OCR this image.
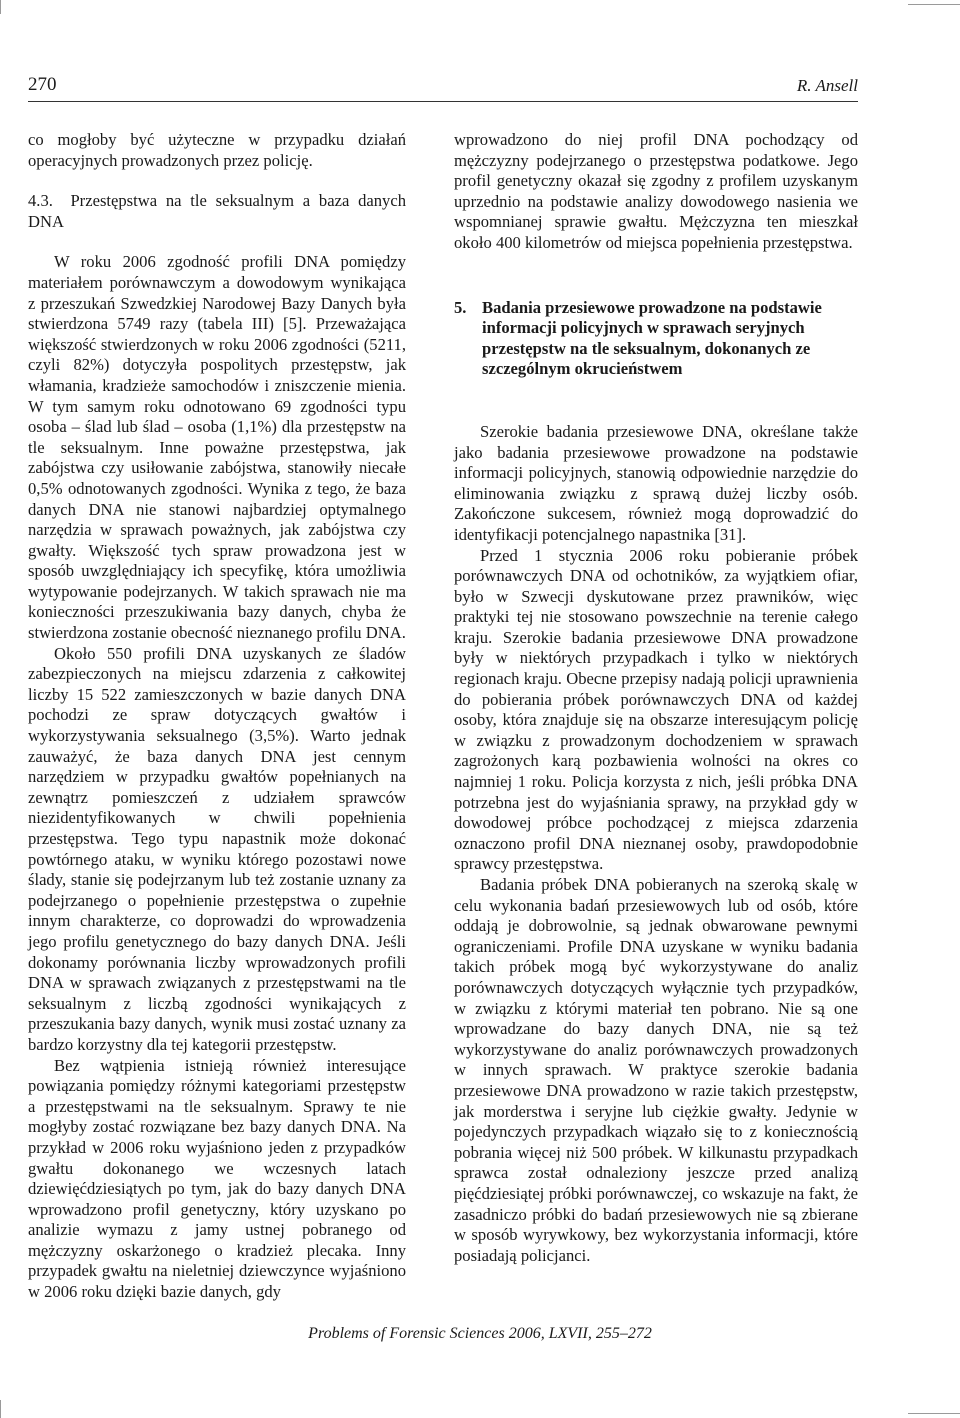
270	R. Ansell

co mogłoby być użyteczne w przypadku działań operacyjnych prowadzonych przez policję.

4.3. Przestępstwa na tle seksualnym a baza danych DNA

W roku 2006 zgodność profili DNA pomiędzy materiałem porównawczym a dowodowym wynikająca z przeszukań Szwedzkiej Narodowej Bazy Danych była stwierdzona 5749 razy (tabela III) [5]. Przeważająca większość stwierdzonych w roku 2006 zgodności (5211, czyli 82%) dotyczyła pospolitych przestępstw, jak włamania, kradzieże samochodów i zniszczenie mienia. W tym samym roku odnotowano 69 zgodności typu osoba – ślad lub ślad – osoba (1,1%) dla przestępstw na tle seksualnym. Inne poważne przestępstwa, jak zabójstwa czy usiłowanie zabójstwa, stanowiły niecałe 0,5% odnotowanych zgodności. Wynika z tego, że baza danych DNA nie stanowi najbardziej optymalnego narzędzia w sprawach poważnych, jak zabójstwa czy gwałty. Większość tych spraw prowadzona jest w sposób uwzględniający ich specyfikę, która umożliwia wytypowanie podejrzanych. W takich sprawach nie ma konieczności przeszukiwania bazy danych, chyba że stwierdzona zostanie obecność nieznanego profilu DNA.

Około 550 profili DNA uzyskanych ze śladów zabezpieczonych na miejscu zdarzenia z całkowitej liczby 15 522 zamieszczonych w bazie danych DNA pochodzi ze spraw dotyczących gwałtów i wykorzystywania seksualnego (3,5%). Warto jednak zauważyć, że baza danych DNA jest cennym narzędziem w przypadku gwałtów popełnianych na zewnątrz pomieszczeń z udziałem sprawców niezidentyfikowanych w chwili popełnienia przestępstwa. Tego typu napastnik może dokonać powtórnego ataku, w wyniku którego pozostawi nowe ślady, stanie się podejrzanym lub też zostanie uznany za podejrzanego o popełnienie przestępstwa o zupełnie innym charakterze, co doprowadzi do wprowadzenia jego profilu genetycznego do bazy danych DNA. Jeśli dokonamy porównania liczby wprowadzonych profili DNA w sprawach związanych z przestępstwami na tle seksualnym z liczbą zgodności wynikających z przeszukania bazy danych, wynik musi zostać uznany za bardzo korzystny dla tej kategorii przestępstw.

Bez wątpienia istnieją również interesujące powiązania pomiędzy różnymi kategoriami przestępstw a przestępstwami na tle seksualnym. Sprawy te nie mogłyby zostać rozwiązane bez bazy danych DNA. Na przykład w 2006 roku wyjaśniono jeden z przypadków gwałtu dokonanego we wczesnych latach dziewięćdziesiątych po tym, jak do bazy danych DNA wprowadzono profil genetyczny, który uzyskano po analizie wymazu z jamy ustnej pobranego od mężczyzny oskarżonego o kradzież plecaka. Inny przypadek gwałtu na nieletniej dziewczynce wyjaśniono w 2006 roku dzięki bazie danych, gdy

wprowadzono do niej profil DNA pochodzący od mężczyzny podejrzanego o przestępstwa podatkowe. Jego profil genetyczny okazał się zgodny z profilem uzyskanym uprzednio na podstawie analizy dowodowego nasienia we wspomnianej sprawie gwałtu. Mężczyzna ten mieszkał około 400 kilometrów od miejsca popełnienia przestępstwa.

5. Badania przesiewowe prowadzone na podstawie informacji policyjnych w sprawach seryjnych przestępstw na tle seksualnym, dokonanych ze szczególnym okrucieństwem

Szerokie badania przesiewowe DNA, określane także jako badania przesiewowe prowadzone na podstawie informacji policyjnych, stanowią odpowiednie narzędzie do eliminowania związku z sprawą dużej liczby osób. Zakończone sukcesem, również mogą doprowadzić do identyfikacji potencjalnego napastnika [31].

Przed 1 stycznia 2006 roku pobieranie próbek porównawczych DNA od ochotników, za wyjątkiem ofiar, było w Szwecji dyskutowane przez prawników, więc praktyki tej nie stosowano powszechnie na terenie całego kraju. Szerokie badania przesiewowe DNA prowadzone były w niektórych przypadkach i tylko w niektórych regionach kraju. Obecne przepisy nadają policji uprawnienia do pobierania próbek porównawczych DNA od każdej osoby, która znajduje się na obszarze interesującym policję w związku z prowadzonym dochodzeniem w sprawach zagrożonych karą pozbawienia wolności na okres co najmniej 1 roku. Policja korzysta z nich, jeśli próbka DNA potrzebna jest do wyjaśniania sprawy, na przykład gdy w dowodowej próbce pochodzącej z miejsca zdarzenia oznaczono profil DNA nieznanej osoby, prawdopodobnie sprawcy przestępstwa.

Badania próbek DNA pobieranych na szeroką skalę w celu wykonania badań przesiewowych lub od osób, które oddają je dobrowolnie, są jednak obwarowane pewnymi ograniczeniami. Profile DNA uzyskane w wyniku badania takich próbek mogą być wykorzystywane do analiz porównawczych dotyczących wyłącznie tych przypadków, w związku z którymi materiał ten pobrano. Nie są one wprowadzane do bazy danych DNA, nie są też wykorzystywane do analiz porównawczych prowadzonych w innych sprawach. W praktyce szerokie badania przesiewowe DNA prowadzono w razie takich przestępstw, jak morderstwa i seryjne lub ciężkie gwałty. Jedynie w pojedynczych przypadkach wiązało się to z koniecznością pobrania więcej niż 500 próbek. W kilkunastu przypadkach sprawca został odnaleziony jeszcze przed analizą pięćdziesiątej próbki porównawczej, co wskazuje na fakt, że zasadniczo próbki do badań przesiewowych nie są zbierane w sposób wyrywkowy, bez wykorzystania informacji, które posiadają policjanci.

Problems of Forensic Sciences 2006, LXVII, 255–272
